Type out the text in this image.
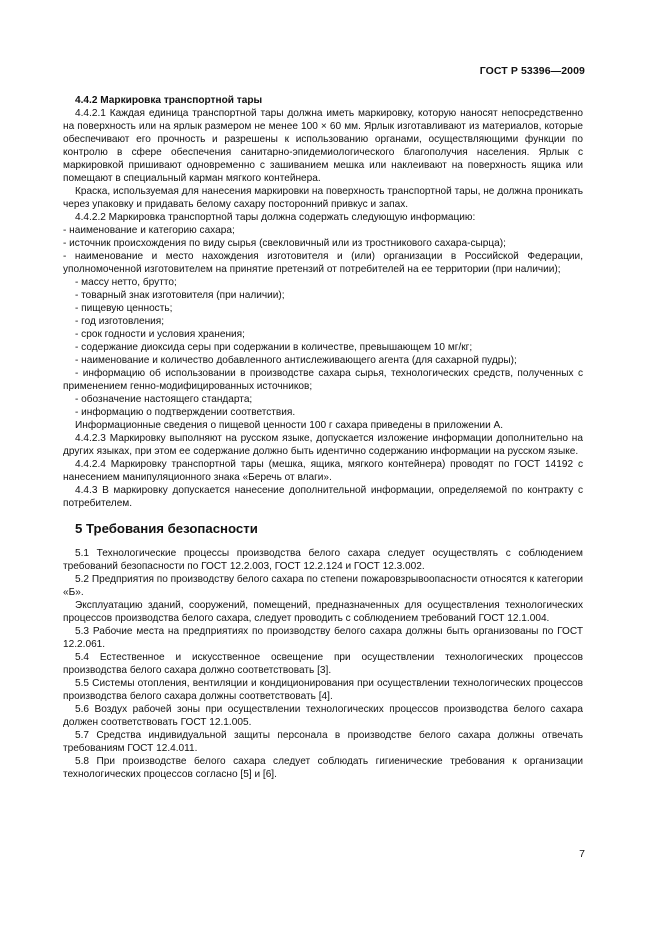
ГОСТ Р 53396—2009

4.4.2 Маркировка транспортной тары

4.4.2.1 Каждая единица транспортной тары должна иметь маркировку, которую наносят непосредственно на поверхность или на ярлык размером не менее 100 × 60 мм. Ярлык изготавливают из материалов, которые обеспечивают его прочность и разрешены к использованию органами, осуществляющими функции по контролю в сфере обеспечения санитарно-эпидемиологического благополучия населения. Ярлык с маркировкой пришивают одновременно с зашиванием мешка или наклеивают на поверхность ящика или помещают в специальный карман мягкого контейнера.

Краска, используемая для нанесения маркировки на поверхность транспортной тары, не должна проникать через упаковку и придавать белому сахару посторонний привкус и запах.

4.4.2.2 Маркировка транспортной тары должна содержать следующую информацию:

- наименование и категорию сахара;

- источник происхождения по виду сырья (свекловичный или из тростникового сахара-сырца);

- наименование и место нахождения изготовителя и (или) организации в Российской Федерации, уполномоченной изготовителем на принятие претензий от потребителей на ее территории (при наличии);

- массу нетто, брутто;

- товарный знак изготовителя (при наличии);

- пищевую ценность;

- год изготовления;

- срок годности и условия хранения;

- содержание диоксида серы при содержании в количестве, превышающем 10 мг/кг;

- наименование и количество добавленного антислеживающего агента (для сахарной пудры);

- информацию об использовании в производстве сахара сырья, технологических средств, полученных с применением генно-модифицированных источников;

- обозначение настоящего стандарта;

- информацию о подтверждении соответствия.

Информационные сведения о пищевой ценности 100 г сахара приведены в приложении А.

4.4.2.3 Маркировку выполняют на русском языке, допускается изложение информации дополнительно на других языках, при этом ее содержание должно быть идентично содержанию информации на русском языке.

4.4.2.4 Маркировку транспортной тары (мешка, ящика, мягкого контейнера) проводят по ГОСТ 14192 с нанесением манипуляционного знака «Беречь от влаги».

4.4.3 В маркировку допускается нанесение дополнительной информации, определяемой по контракту с потребителем.

5 Требования безопасности

5.1 Технологические процессы производства белого сахара следует осуществлять с соблюдением требований безопасности по ГОСТ 12.2.003, ГОСТ 12.2.124 и ГОСТ 12.3.002.

5.2 Предприятия по производству белого сахара по степени пожаровзрывоопасности относятся к категории «Б».

Эксплуатацию зданий, сооружений, помещений, предназначенных для осуществления технологических процессов производства белого сахара, следует проводить с соблюдением требований ГОСТ 12.1.004.

5.3 Рабочие места на предприятиях по производству белого сахара должны быть организованы по ГОСТ 12.2.061.

5.4 Естественное и искусственное освещение при осуществлении технологических процессов производства белого сахара должно соответствовать [3].

5.5 Системы отопления, вентиляции и кондиционирования при осуществлении технологических процессов производства белого сахара должны соответствовать [4].

5.6 Воздух рабочей зоны при осуществлении технологических процессов производства белого сахара должен соответствовать ГОСТ 12.1.005.

5.7 Средства индивидуальной защиты персонала в производстве белого сахара должны отвечать требованиям ГОСТ 12.4.011.

5.8 При производстве белого сахара следует соблюдать гигиенические требования к организации технологических процессов согласно [5] и [6].

7
